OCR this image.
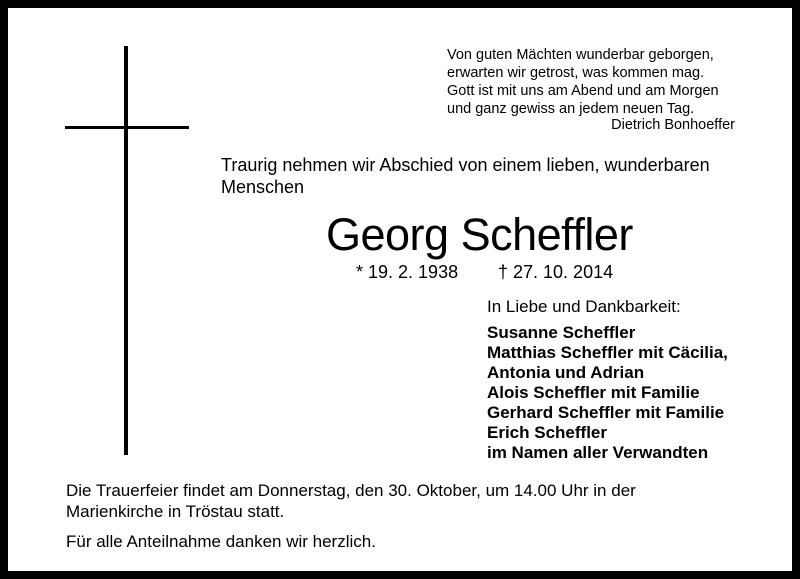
Von guten Mächten wunderbar geborgen,
erwarten wir getrost, was kommen mag.
Gott ist mit uns am Abend und am Morgen
und ganz gewiss an jedem neuen Tag.
Dietrich Bonhoeffer
Traurig nehmen wir Abschied von einem lieben, wunderbaren
Menschen
Georg Scheffler
* 19. 2. 1938 † 27. 10. 2014
In Liebe und Dankbarkeit:
Susanne Scheffler
Matthias Scheffler mit Cäcilia,
Antonia und Adrian
Alois Scheffler mit Familie
Gerhard Scheffler mit Familie
Erich Scheffler
im Namen aller Verwandten
Die Trauerfeier findet am Donnerstag, den 30. Oktober, um 14.00 Uhr in der
Marienkirche in Tröstau statt.
Für alle Anteilnahme danken wir herzlich.
